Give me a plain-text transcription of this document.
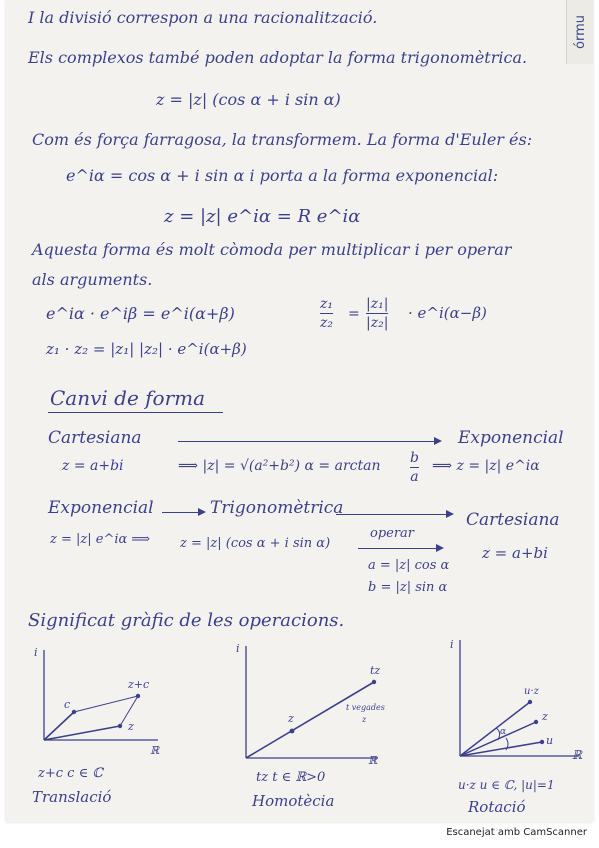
órmu
I la divisió correspon a una racionalització.
Els complexos també poden adoptar la forma trigonomètrica.
z = |z| (cos α + i sin α)
Com és força farragosa, la transformem. La forma d'Euler és:
e^iα = cos α + i sin α i porta a la forma exponencial:
z = |z| e^iα = R e^iα
Aquesta forma és molt còmoda per multiplicar i per operar
als arguments.
e^iα · e^iβ = e^i(α+β)
z₁ · z₂ = |z₁| |z₂| · e^i(α+β)
z₁
z₂
=
|z₁|
|z₂|
· e^i(α−β)
Canvi de forma
Cartesiana	Exponencial
z = a+bi	⟹ |z| = √(a²+b²) α = arctan b
a
⟹ z = |z| e^iα
Exponencial	Trigonomètrica
Cartesiana
z = |z| e^iα ⟹ z = |z| (cos α + i sin α)
operar
a = |z| cos α
b = |z| sin α
z = a+bi
Significat gràfic de les operacions.
i
ℝ
c
z
z+c
z+c c ∈ ℂ
Translació
i
ℝ
z
tz
t vegades
z
tz t ∈ ℝ>0
Homotècia
i
u·z
z
u
α
u·z u ∈ ℂ, |u|=1
Rotació
ℝ
Escanejat amb CamScanner
